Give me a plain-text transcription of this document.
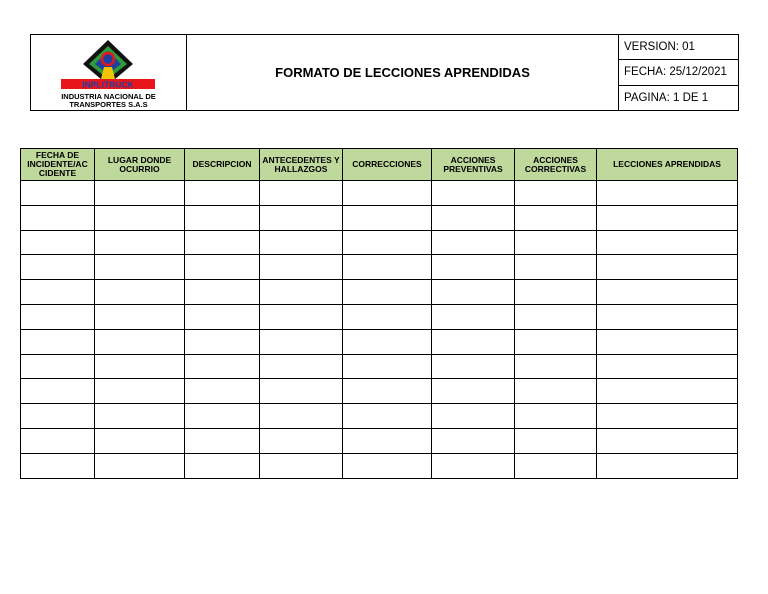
INPLITRUCK
INDUSTRIA NACIONAL DE
TRANSPORTES S.A.S
FORMATO DE LECCIONES APRENDIDAS
VERSION: 01
FECHA: 25/12/2021
PAGINA: 1 DE 1
FECHA DE INCIDENTE/AC CIDENTE	LUGAR DONDE OCURRIO	DESCRIPCION	ANTECEDENTES Y HALLAZGOS	CORRECCIONES	ACCIONES PREVENTIVAS	ACCIONES CORRECTIVAS	LECCIONES APRENDIDAS
